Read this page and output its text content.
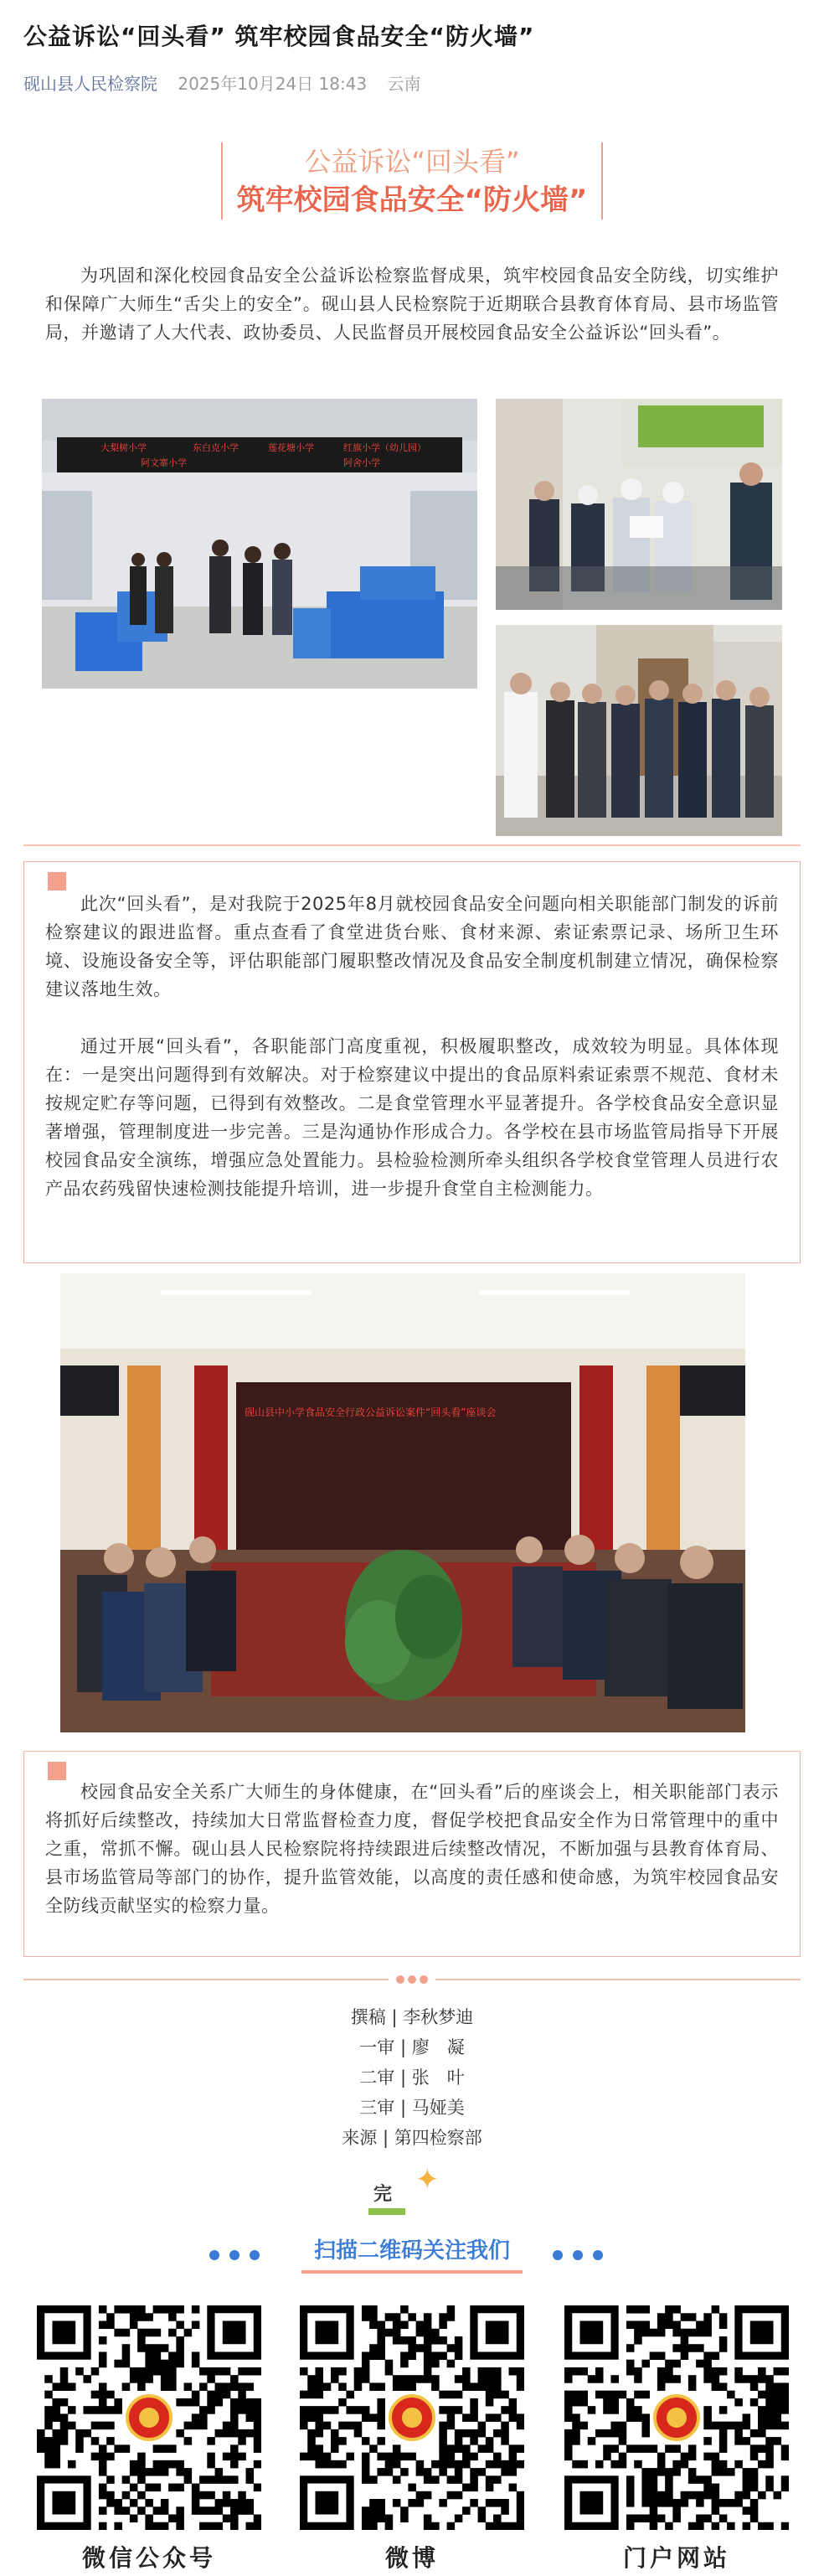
公益诉讼“回头看” 筑牢校园食品安全“防火墙”
砚山县人民检察院 2025年10月24日 18:43 云南
公益诉讼“回头看”
筑牢校园食品安全“防火墙”
为巩固和深化校园食品安全公益诉讼检察监督成果，筑牢校园食品安全防线，切实维护和保障广大师生“舌尖上的安全”。砚山县人民检察院于近期联合县教育体育局、县市场监管局，并邀请了人大代表、政协委员、人民监督员开展校园食品安全公益诉讼“回头看”。
大梨树小学
阿文寨小学
东白克小学	莲花塘小学	红旗小学（幼儿园）
阿舍小学
此次“回头看”，是对我院于2025年8月就校园食品安全问题向相关职能部门制发的诉前检察建议的跟进监督。重点查看了食堂进货台账、食材来源、索证索票记录、场所卫生环境、设施设备安全等，评估职能部门履职整改情况及食品安全制度机制建立情况，确保检察建议落地生效。
通过开展“回头看”，各职能部门高度重视，积极履职整改，成效较为明显。具体体现在：一是突出问题得到有效解决。对于检察建议中提出的食品原料索证索票不规范、食材未按规定贮存等问题，已得到有效整改。二是食堂管理水平显著提升。各学校食品安全意识显著增强，管理制度进一步完善。三是沟通协作形成合力。各学校在县市场监管局指导下开展校园食品安全演练，增强应急处置能力。县检验检测所牵头组织各学校食堂管理人员进行农产品农药残留快速检测技能提升培训，进一步提升食堂自主检测能力。
砚山县中小学食品安全行政公益诉讼案件“回头看”座谈会
校园食品安全关系广大师生的身体健康，在“回头看”后的座谈会上，相关职能部门表示将抓好后续整改，持续加大日常监督检查力度，督促学校把食品安全作为日常管理中的重中之重，常抓不懈。砚山县人民检察院将持续跟进后续整改情况，不断加强与县教育体育局、县市场监管局等部门的协作，提升监管效能，以高度的责任感和使命感，为筑牢校园食品安全防线贡献坚实的检察力量。
撰稿 | 李秋梦迪
一审 | 廖　凝
二审 | 张　叶
三审 | 马娅美
来源 | 第四检察部
完 ✦
扫描二维码关注我们
微信公众号	微博	门户网站
